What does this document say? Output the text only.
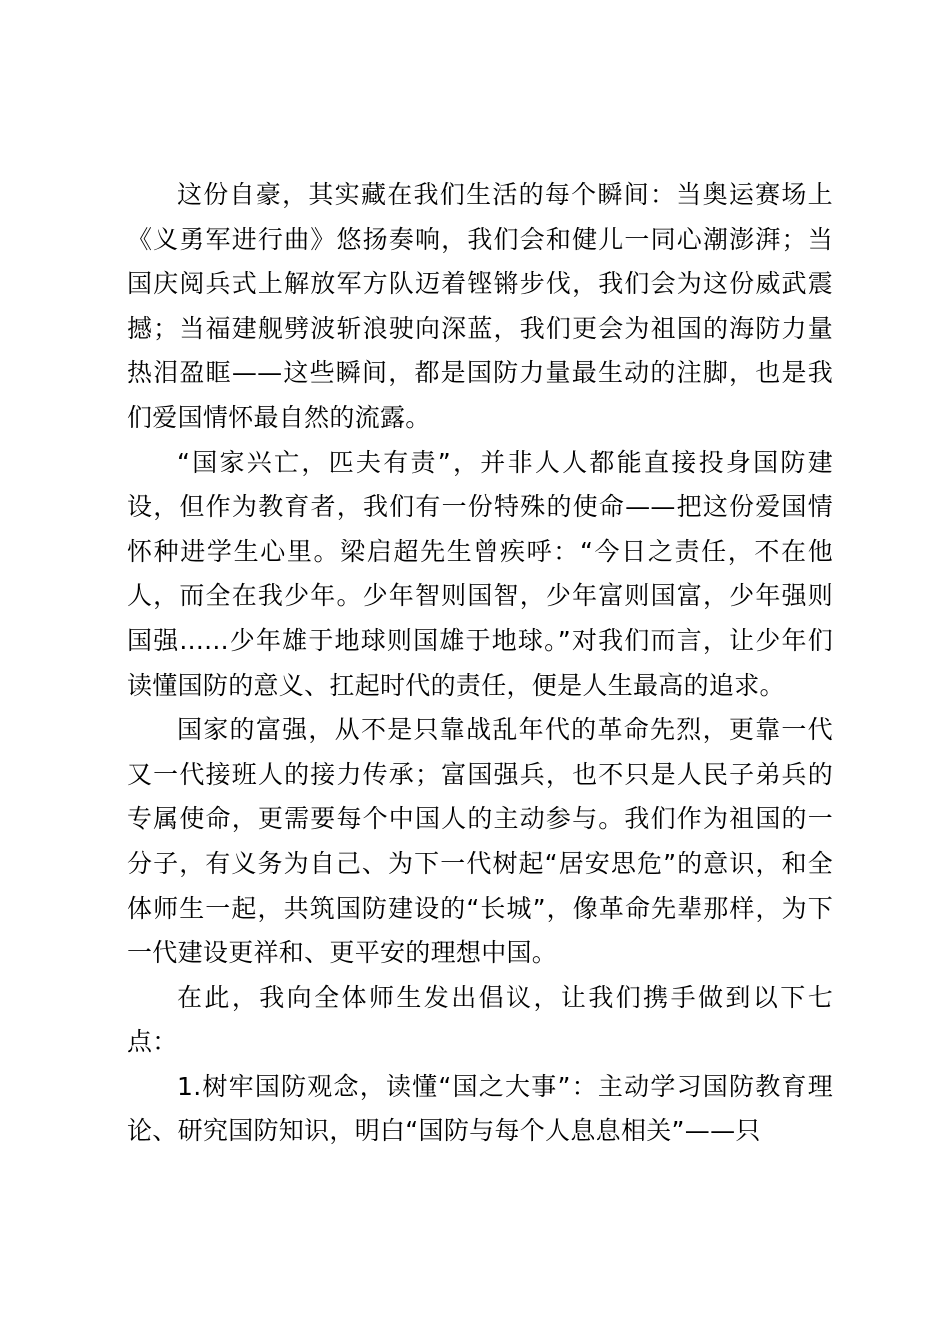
这份自豪，其实藏在我们生活的每个瞬间：当奥运赛场上《义勇军进行曲》悠扬奏响，我们会和健儿一同心潮澎湃；当国庆阅兵式上解放军方队迈着铿锵步伐，我们会为这份威武震撼；当福建舰劈波斩浪驶向深蓝，我们更会为祖国的海防力量热泪盈眶——这些瞬间，都是国防力量最生动的注脚，也是我们爱国情怀最自然的流露。

“国家兴亡，匹夫有责”，并非人人都能直接投身国防建设，但作为教育者，我们有一份特殊的使命——把这份爱国情怀种进学生心里。梁启超先生曾疾呼：“今日之责任，不在他人，而全在我少年。少年智则国智，少年富则国富，少年强则国强......少年雄于地球则国雄于地球。”对我们而言，让少年们读懂国防的意义、扛起时代的责任，便是人生最高的追求。

国家的富强，从不是只靠战乱年代的革命先烈，更靠一代又一代接班人的接力传承；富国强兵，也不只是人民子弟兵的专属使命，更需要每个中国人的主动参与。我们作为祖国的一分子，有义务为自己、为下一代树起“居安思危”的意识，和全体师生一起，共筑国防建设的“长城”，像革命先辈那样，为下一代建设更祥和、更平安的理想中国。

在此，我向全体师生发出倡议，让我们携手做到以下七点：

1.树牢国防观念，读懂“国之大事”：主动学习国防教育理论、研究国防知识，明白“国防与每个人息息相关”——只
